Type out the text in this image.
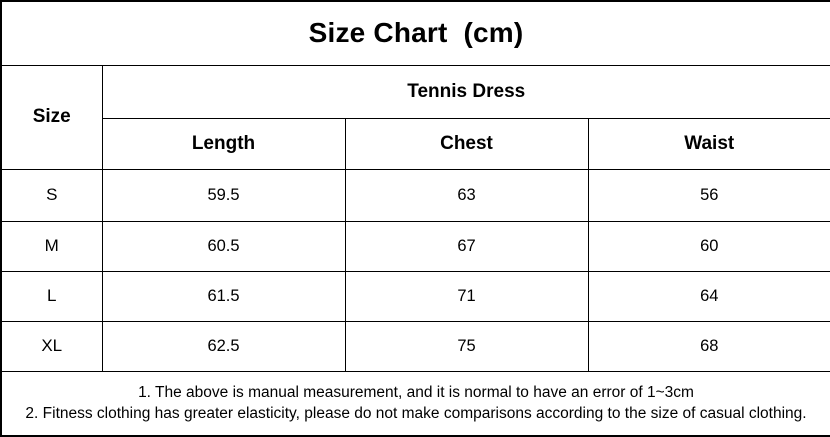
Size Chart  (cm)			
Size	Tennis Dress		
	Length	Chest	Waist
S	59.5	63	56
M	60.5	67	60
L	61.5	71	64
XL	62.5	75	68

1. The above is manual measurement, and it is normal to have an error of 1~3cm
2. Fitness clothing has greater elasticity, please do not make comparisons according to the size of casual clothing.			
